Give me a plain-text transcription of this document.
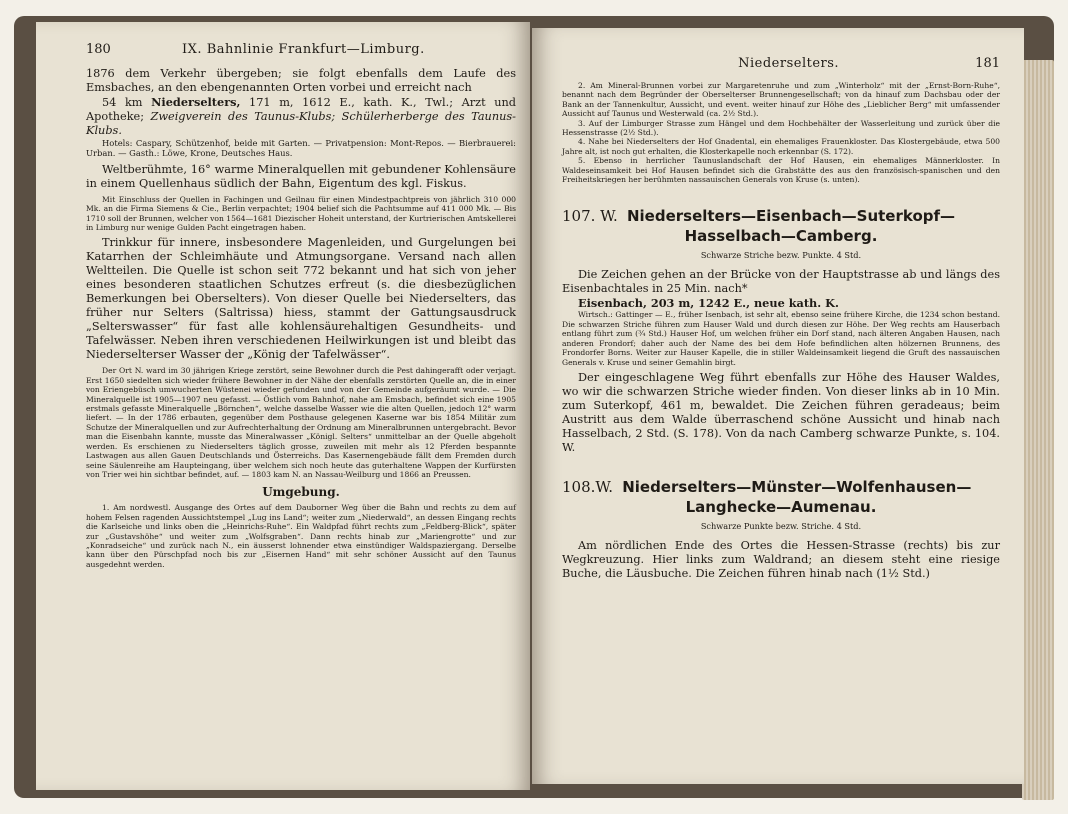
180	IX. Bahnlinie Frankfurt—Limburg.

1876 dem Verkehr übergeben; sie folgt ebenfalls dem Laufe des Emsbaches, an den ebengenannten Orten vorbei und erreicht nach

54 km Niederselters, 171 m, 1612 E., kath. K., Twl.; Arzt und Apotheke; Zweigverein des Taunus-Klubs; Schülerherberge des Taunus-Klubs.

Hotels: Caspary, Schützenhof, beide mit Garten. — Privatpension: Mont-Repos. — Bierbrauerei: Urban. — Gasth.: Löwe, Krone, Deutsches Haus.

Weltberühmte, 16° warme Mineralquellen mit gebundener Kohlensäure in einem Quellenhaus südlich der Bahn, Eigentum des kgl. Fiskus.

Mit Einschluss der Quellen in Fachingen und Geilnau für einen Mindestpachtpreis von jährlich 310 000 Mk. an die Firma Siemens & Cie., Berlin verpachtet; 1904 belief sich die Pachtsumme auf 411 000 Mk. — Bis 1710 soll der Brunnen, welcher von 1564—1681 Diezischer Hoheit unterstand, der Kurtrierischen Amtskellerei in Limburg nur wenige Gulden Pacht eingetragen haben.

Trinkkur für innere, insbesondere Magenleiden, und Gurgelungen bei Katarrhen der Schleimhäute und Atmungsorgane. Versand nach allen Weltteilen. Die Quelle ist schon seit 772 bekannt und hat sich von jeher eines besonderen staatlichen Schutzes erfreut (s. die diesbezüglichen Bemerkungen bei Oberselters). Von dieser Quelle bei Niederselters, das früher nur Selters (Saltrissa) hiess, stammt der Gattungsausdruck „Selterswasser“ für fast alle kohlensäurehaltigen Gesundheits- und Tafelwässer. Neben ihren verschiedenen Heilwirkungen ist und bleibt das Niederselterser Wasser der „König der Tafelwässer“.

Der Ort N. ward im 30 jährigen Kriege zerstört, seine Bewohner durch die Pest dahingerafft oder verjagt. Erst 1650 siedelten sich wieder frühere Bewohner in der Nähe der ebenfalls zerstörten Quelle an, die in einer von Eriengebüsch umwucherten Wüstenei wieder gefunden und von der Gemeinde aufgeräumt wurde. — Die Mineralquelle ist 1905—1907 neu gefasst. — Östlich vom Bahnhof, nahe am Emsbach, befindet sich eine 1905 erstmals gefasste Mineralquelle „Börnchen“, welche dasselbe Wasser wie die alten Quellen, jedoch 12° warm liefert. — In der 1786 erbauten, gegenüber dem Posthause gelegenen Kaserne war bis 1854 Militär zum Schutze der Mineralquellen und zur Aufrechterhaltung der Ordnung am Mineralbrunnen untergebracht. Bevor man die Eisenbahn kannte, musste das Mineralwasser „Königl. Selters“ unmittelbar an der Quelle abgeholt werden. Es erschienen zu Niederselters täglich grosse, zuweilen mit mehr als 12 Pferden bespannte Lastwagen aus allen Gauen Deutschlands und Österreichs. Das Kasernengebäude fällt dem Fremden durch seine Säulenreihe am Haupteingang, über welchem sich noch heute das guterhaltene Wappen der Kurfürsten von Trier wei hin sichtbar befindet, auf. — 1803 kam N. an Nassau-Weilburg und 1866 an Preussen.

Umgebung.

1. Am nordwestl. Ausgange des Ortes auf dem Dauborner Weg über die Bahn und rechts zu dem auf hohem Felsen ragenden Aussichtstempel „Lug ins Land“; weiter zum „Niederwald“, an dessen Eingang rechts die Karlseiche und links oben die „Heinrichs-Ruhe“. Ein Waldpfad führt rechts zum „Feldberg-Blick“, später zur „Gustavshöhe“ und weiter zum „Wolfsgraben“. Dann rechts hinab zur „Mariengrotte“ und zur „Konradseiche“ und zurück nach N., ein äusserst lohnender etwa einstündiger Waldspaziergang. Derselbe kann über den Pürschpfad noch bis zur „Eisernen Hand“ mit sehr schöner Aussicht auf den Taunus ausgedehnt werden.

Niederselters.	181

2. Am Mineral-Brunnen vorbei zur Margaretenruhe und zum „Winterholz“ mit der „Ernst-Born-Ruhe“, benannt nach dem Begründer der Oberselterser Brunnengesellschaft; von da hinauf zum Dachsbau oder der Bank an der Tannenkultur, Aussicht, und event. weiter hinauf zur Höhe des „Lieblicher Berg“ mit umfassender Aussicht auf Taunus und Westerwald (ca. 2½ Std.).

3. Auf der Limburger Strasse zum Hängel und dem Hochbehälter der Wasserleitung und zurück über die Hessenstrasse (2½ Std.).

4. Nahe bei Niederselters der Hof Gnadental, ein ehemaliges Frauenkloster. Das Klostergebäude, etwa 500 Jahre alt, ist noch gut erhalten, die Klosterkapelle noch erkennbar (S. 172).

5. Ebenso in herrlicher Taunuslandschaft der Hof Hausen, ein ehemaliges Männerkloster. In Waldeseinsamkeit bei Hof Hausen befindet sich die Grabstätte des aus den französisch-spanischen und den Freiheitskriegen her berühmten nassauischen Generals von Kruse (s. unten).

107. W. Niederselters—Eisenbach—Suterkopf—
Hasselbach—Camberg.
Schwarze Striche bezw. Punkte. 4 Std.

Die Zeichen gehen an der Brücke von der Hauptstrasse ab und längs des Eisenbachtales in 25 Min. nach*

Eisenbach, 203 m, 1242 E., neue kath. K.

Wirtsch.: Gattinger — E., früher Isenbach, ist sehr alt, ebenso seine frühere Kirche, die 1234 schon bestand. Die schwarzen Striche führen zum Hauser Wald und durch diesen zur Höhe. Der Weg rechts am Hauserbach entlang führt zum (¾ Std.) Hauser Hof, um welchen früher ein Dorf stand, nach älteren Angaben Hausen, nach anderen Frondorf; daher auch der Name des bei dem Hofe befindlichen alten hölzernen Brunnens, des Frondorfer Borns. Weiter zur Hauser Kapelle, die in stiller Waldeinsamkeit liegend die Gruft des nassauischen Generals v. Kruse und seiner Gemahlin birgt.

Der eingeschlagene Weg führt ebenfalls zur Höhe des Hauser Waldes, wo wir die schwarzen Striche wieder finden. Von dieser links ab in 10 Min. zum Suterkopf, 461 m, bewaldet. Die Zeichen führen geradeaus; beim Austritt aus dem Walde überraschend schöne Aussicht und hinab nach Hasselbach, 2 Std. (S. 178). Von da nach Camberg schwarze Punkte, s. 104. W.

108.W. Niederselters—Münster—Wolfenhausen—
Langhecke—Aumenau.
Schwarze Punkte bezw. Striche. 4 Std.

Am nördlichen Ende des Ortes die Hessen-Strasse (rechts) bis zur Wegkreuzung. Hier links zum Waldrand; an diesem steht eine riesige Buche, die Läusbuche. Die Zeichen führen hinab nach (1½ Std.)
